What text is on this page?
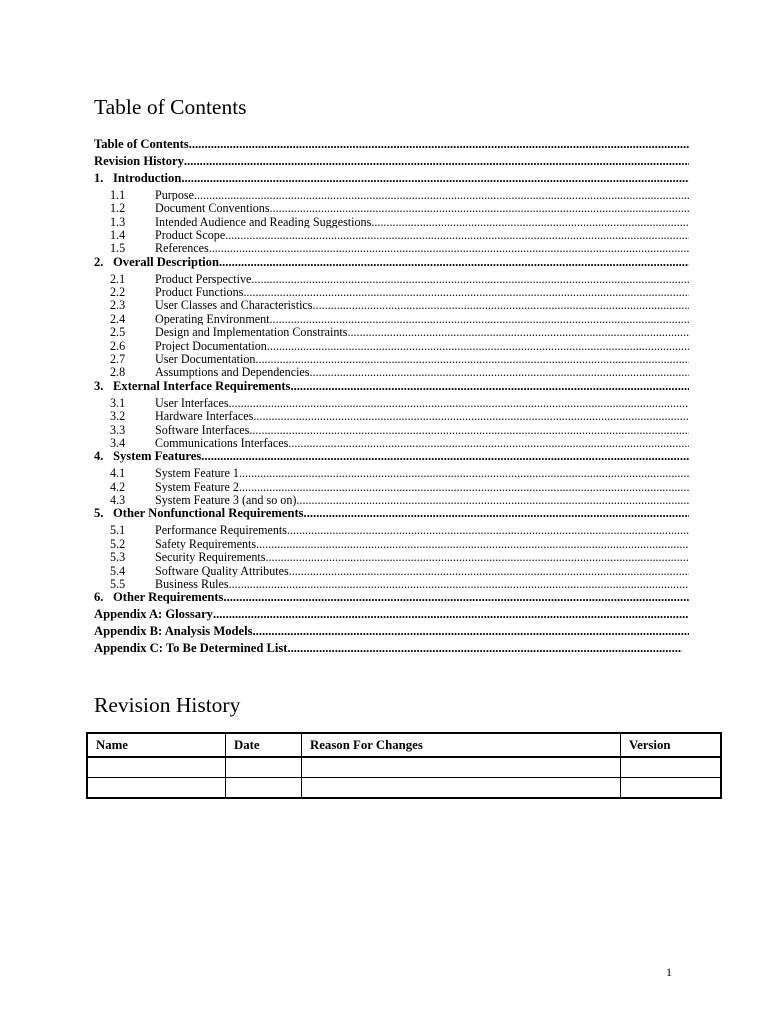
Table of Contents
Table of Contents
.....
Revision History
.....
1. Introduction
.....
1.1	Purpose
.....
1.2	Document Conventions
.....
1.3	Intended Audience and Reading Suggestions
.....
1.4	Product Scope
.....
1.5	References
.....
2. Overall Description
.....
2.1	Product Perspective
.....
2.2	Product Functions
.....
2.3	User Classes and Characteristics
.....
2.4	Operating Environment
.....
2.5	Design and Implementation Constraints
.....
2.6	Project Documentation
.....
2.7	User Documentation
.....
2.8	Assumptions and Dependencies
.....
3. External Interface Requirements
.....
3.1	User Interfaces
.....
3.2	Hardware Interfaces
.....
3.3	Software Interfaces
.....
3.4	Communications Interfaces
.....
4. System Features
.....
4.1	System Feature 1
.....
4.2	System Feature 2
.....
4.3	System Feature 3 (and so on)
.....
5. Other Nonfunctional Requirements
.....
5.1	Performance Requirements
.....
5.2	Safety Requirements
.....
5.3	Security Requirements
.....
5.4	Software Quality Attributes
.....
5.5	Business Rules
.....
6. Other Requirements
.....
Appendix A: Glossary
.....
Appendix B: Analysis Models
.....
Appendix C: To Be Determined List
.....
Revision History
Name	Date	Reason For Changes	Version

1
